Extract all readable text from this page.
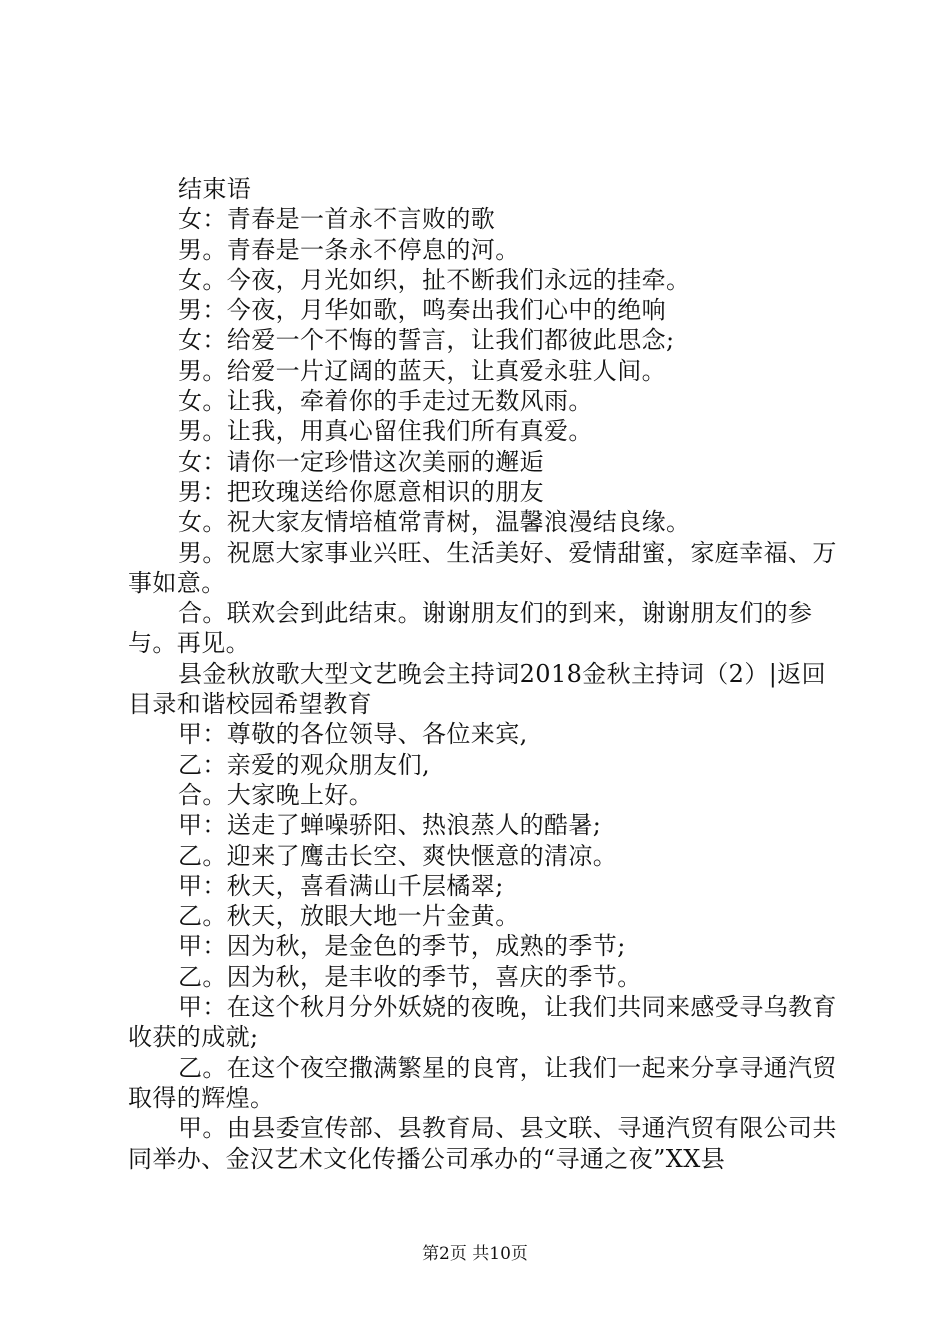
结束语

女：青春是一首永不言败的歌

男。青春是一条永不停息的河。

女。今夜，月光如织，扯不断我们永远的挂牵。

男：今夜，月华如歌，鸣奏出我们心中的绝响

女：给爱一个不悔的誓言，让我们都彼此思念;

男。给爱一片辽阔的蓝天，让真爱永驻人间。

女。让我，牵着你的手走过无数风雨。

男。让我，用真心留住我们所有真爱。

女：请你一定珍惜这次美丽的邂逅

男：把玫瑰送给你愿意相识的朋友

女。祝大家友情培植常青树，温馨浪漫结良缘。

男。祝愿大家事业兴旺、生活美好、爱情甜蜜，家庭幸福、万事如意。

合。联欢会到此结束。谢谢朋友们的到来，谢谢朋友们的参与。再见。

县金秋放歌大型文艺晚会主持词2018金秋主持词（2）|返回目录和谐校园希望教育

甲：尊敬的各位领导、各位来宾,

乙：亲爱的观众朋友们,

合。大家晚上好。

甲：送走了蝉噪骄阳、热浪蒸人的酷暑;

乙。迎来了鹰击长空、爽快惬意的清凉。

甲：秋天，喜看满山千层橘翠;

乙。秋天，放眼大地一片金黄。

甲：因为秋，是金色的季节，成熟的季节;

乙。因为秋，是丰收的季节，喜庆的季节。

甲：在这个秋月分外妖娆的夜晚，让我们共同来感受寻乌教育收获的成就;

乙。在这个夜空撒满繁星的良宵，让我们一起来分享寻通汽贸取得的辉煌。

甲。由县委宣传部、县教育局、县文联、寻通汽贸有限公司共同举办、金汉艺术文化传播公司承办的“寻通之夜”XX县

第2页 共10页
